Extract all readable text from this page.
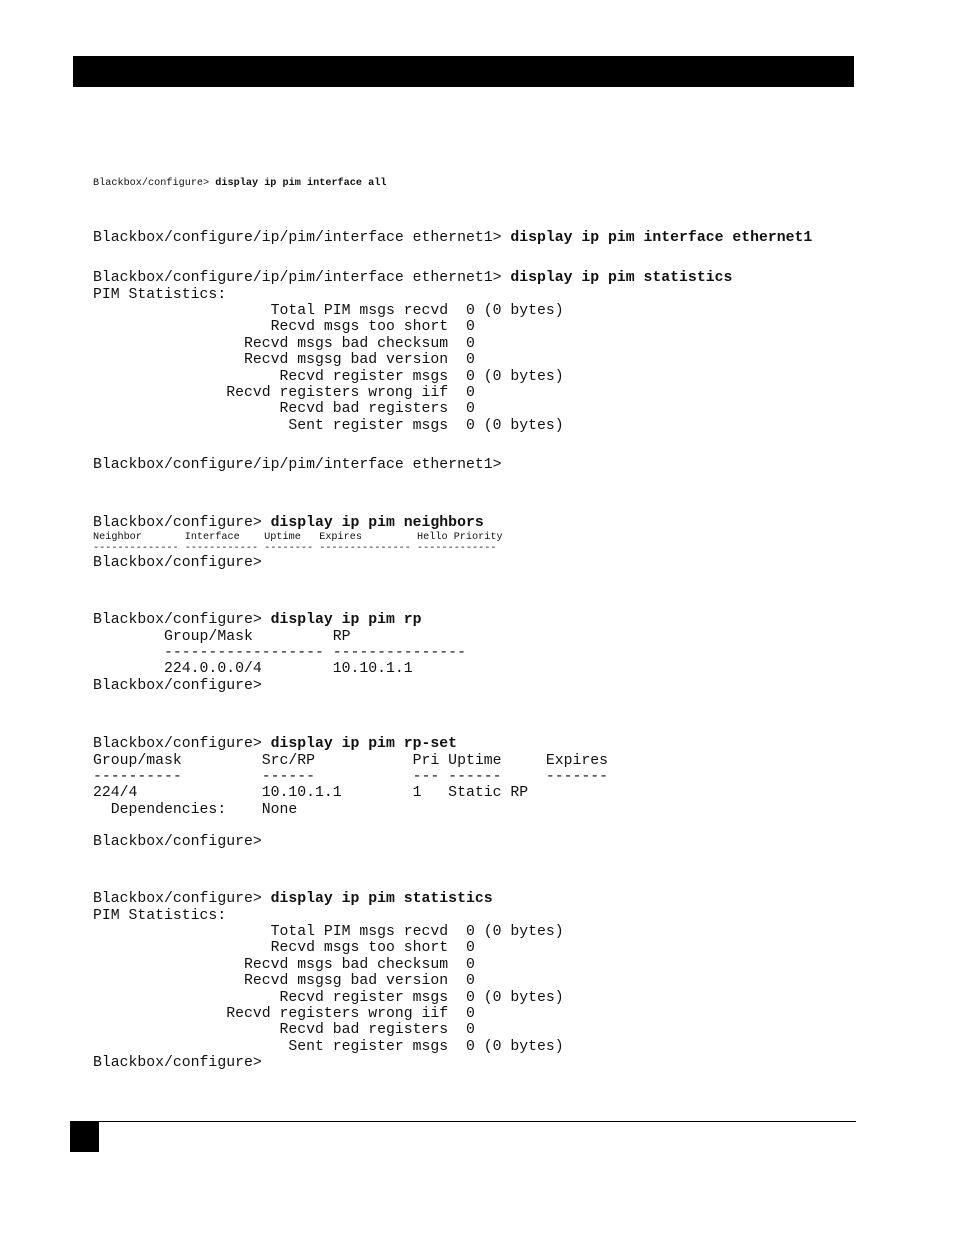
Blackbox/configure> display ip pim interface all
Blackbox/configure/ip/pim/interface ethernet1> display ip pim interface ethernet1
Blackbox/configure/ip/pim/interface ethernet1> display ip pim statistics
PIM Statistics:
Total PIM msgs recvd  0 (0 bytes)
Recvd msgs too short  0
Recvd msgs bad checksum  0
Recvd msgsg bad version  0
Recvd register msgs  0 (0 bytes)
Recvd registers wrong iif  0
Recvd bad registers  0
Sent register msgs  0 (0 bytes)
Blackbox/configure/ip/pim/interface ethernet1>
Blackbox/configure> display ip pim neighbors
Neighbor       Interface    Uptime   Expires         Hello Priority
-------------- ------------ -------- --------------- -------------
Blackbox/configure>
Blackbox/configure> display ip pim rp
Group/Mask         RP
------------------ ---------------
224.0.0.0/4        10.10.1.1
Blackbox/configure>
Blackbox/configure> display ip pim rp-set
Group/mask         Src/RP           Pri Uptime     Expires
----------         ------           --- ------     -------
224/4              10.10.1.1        1   Static RP
Dependencies:    None
Blackbox/configure>
Blackbox/configure> display ip pim statistics
PIM Statistics:
Total PIM msgs recvd  0 (0 bytes)
Recvd msgs too short  0
Recvd msgs bad checksum  0
Recvd msgsg bad version  0
Recvd register msgs  0 (0 bytes)
Recvd registers wrong iif  0
Recvd bad registers  0
Sent register msgs  0 (0 bytes)
Blackbox/configure>
